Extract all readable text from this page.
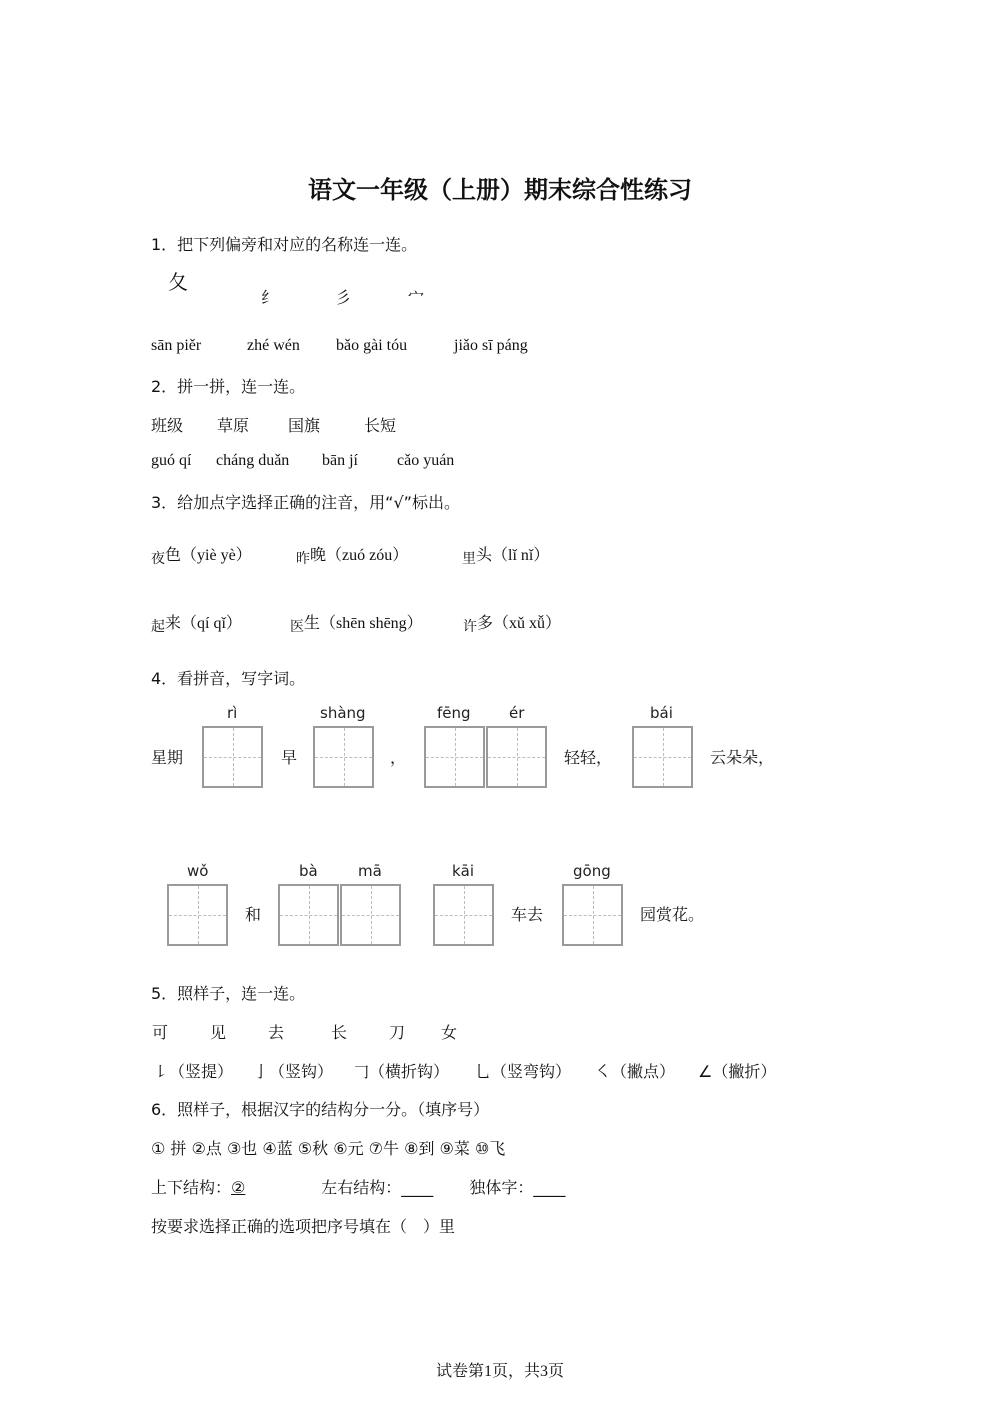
语文一年级（上册）期末综合性练习
1．把下列偏旁和对应的名称连一连。
夂
纟	彡	宀
sān piěr	zhé wén bǎo gài tóu	jiǎo sī páng
2．拼一拼，连一连。
班级 草原 国旗	长短
guó qí cháng duǎn bān jí cǎo yuán
3．给加点字选择正确的注音，用“√”标出。
夜色（yiè yè）	昨晚（zuó zóu）	里头（lǐ nǐ）
起来（qí qǐ）	医生（shēn shēng）	许多（xǔ xǚ）
4．看拼音，写字词。
rì	shàng	fēng	ér	bái
星期	早	，	轻轻，	云朵朵，
wǒ	bà	mā	kāi	gōng
和	车去	园赏花。
5．照样子，连一连。
可	见	去	长	刀 女
㇙（竖提） 亅（竖钩） 𠃌（横折钩） 乚（竖弯钩） ㇛（撇点） ∠（撇折）
6．照样子，根据汉字的结构分一分。（填序号）
① 拼 ②点 ③也 ④蓝 ⑤秋 ⑥元 ⑦牛 ⑧到 ⑨菜 ⑩飞
上下结构：②	左右结构：____ 独体字：____
按要求选择正确的选项把序号填在（　）里
试卷第1页，共3页
